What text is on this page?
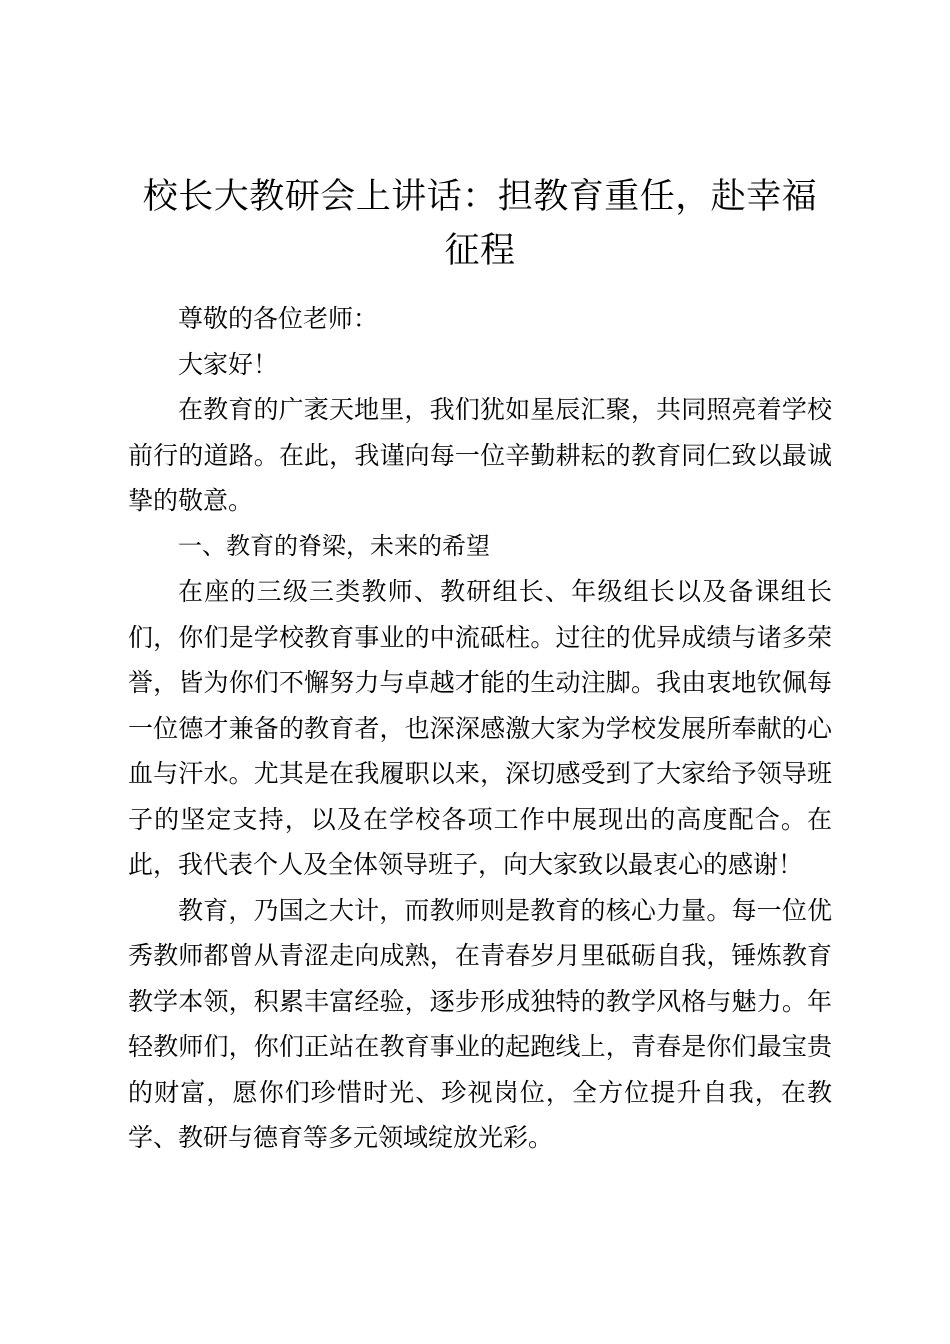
校长大教研会上讲话：担教育重任，赴幸福征程

尊敬的各位老师：

大家好！

在教育的广袤天地里，我们犹如星辰汇聚，共同照亮着学校前行的道路。在此，我谨向每一位辛勤耕耘的教育同仁致以最诚挚的敬意。

一、教育的脊梁，未来的希望

在座的三级三类教师、教研组长、年级组长以及备课组长们，你们是学校教育事业的中流砥柱。过往的优异成绩与诸多荣誉，皆为你们不懈努力与卓越才能的生动注脚。我由衷地钦佩每一位德才兼备的教育者，也深深感激大家为学校发展所奉献的心血与汗水。尤其是在我履职以来，深切感受到了大家给予领导班子的坚定支持，以及在学校各项工作中展现出的高度配合。在此，我代表个人及全体领导班子，向大家致以最衷心的感谢！

教育，乃国之大计，而教师则是教育的核心力量。每一位优秀教师都曾从青涩走向成熟，在青春岁月里砥砺自我，锤炼教育教学本领，积累丰富经验，逐步形成独特的教学风格与魅力。年轻教师们，你们正站在教育事业的起跑线上，青春是你们最宝贵的财富，愿你们珍惜时光、珍视岗位，全方位提升自我，在教学、教研与德育等多元领域绽放光彩。
